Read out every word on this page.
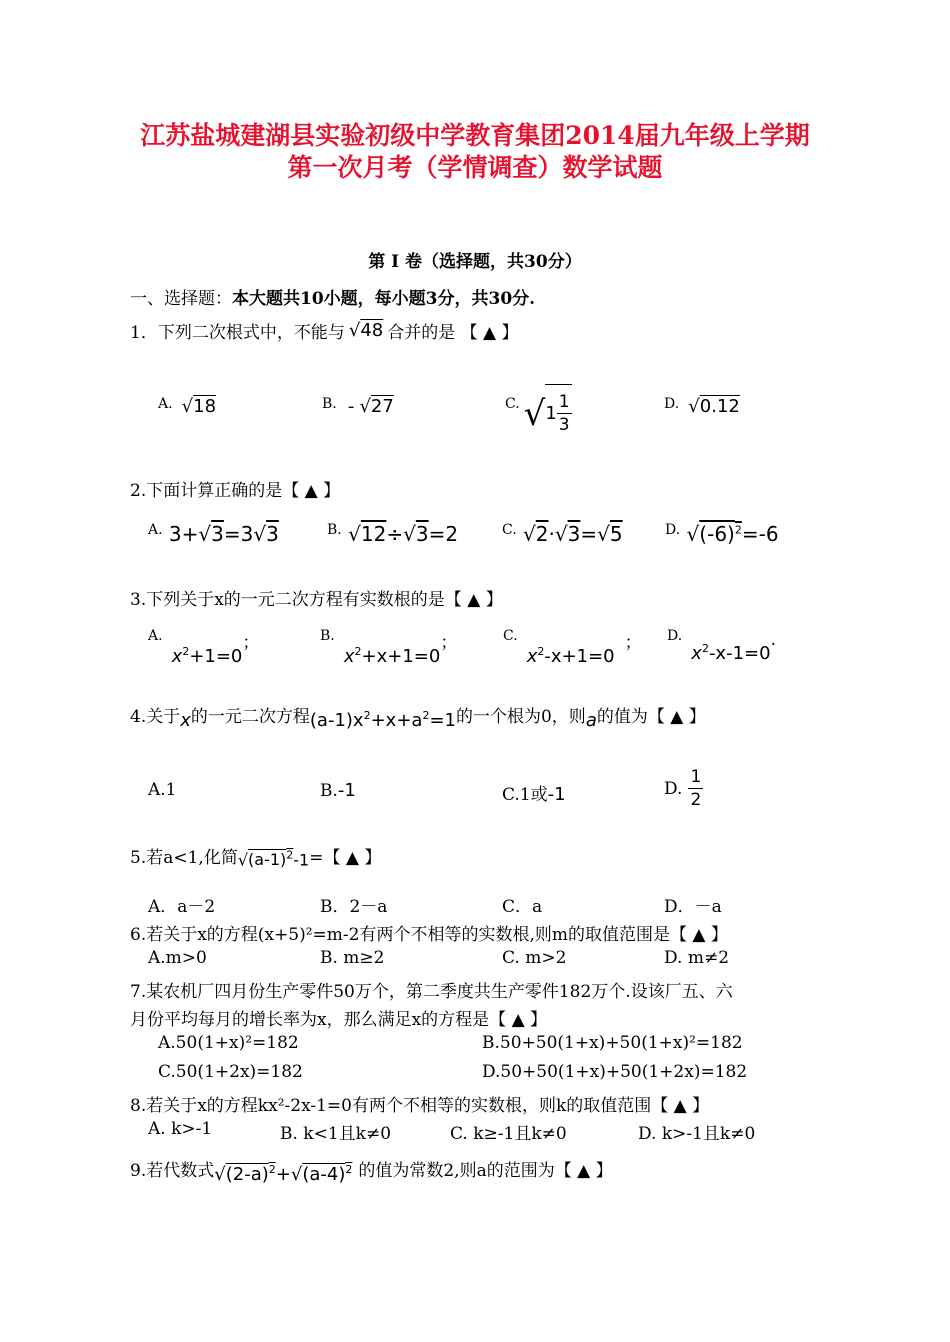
江苏盐城建湖县实验初级中学教育集团2014届九年级上学期
第一次月考（学情调查）数学试题
第 Ⅰ 卷（选择题，共30分）
一、选择题：本大题共10小题，每小题3分，共30分.
1．下列二次根式中，不能与 √48 合并的是 【 ▲ 】
A. √18	B. - √27	C. √ $1 \frac{1}{3}$	D. √0.12
2.下面计算正确的是【 ▲ 】
$^{A.}$ 3+√3=3√3	$^{B.}$ √12÷√3=2	$^{C.}$ √2·√3=√5	$^{D.}$ $√(-6)^2=-6$
3.下列关于x的一元二次方程有实数根的是【 ▲ 】
A. $x^2+1=0$；	B. $x^2+x+1=0$；	C. $x^2-x+1=0$； D. $x^2-x-1=0$.
4.关于 x 的一元二次方程 $(a-1)x^2+x+a^2=1$ 的一个根为0，则 a 的值为【 ▲ 】
A.1	B.-1	C.1或-1	D. $\frac{1}{2}$
5.若a<1,化简 $√(a-1)^2-1$ =【 ▲ 】
A．a－2	B．2－a	C．a	D．－a
6.若关于x的方程(x+5)²=m-2有两个不相等的实数根,则m的取值范围是【 ▲ 】
A.m>0	B. m≥2	C. m>2	D. m≠2
7.某农机厂四月份生产零件50万个，第二季度共生产零件182万个.设该厂五、六
月份平均每月的增长率为x，那么满足x的方程是【 ▲ 】
A.50(1+x)²=182	B.50+50(1+x)+50(1+x)²=182
C.50(1+2x)=182	D.50+50(1+x)+50(1+2x)=182
8.若关于x的方程kx²-2x-1=0有两个不相等的实数根，则k的取值范围【 ▲ 】
A. k>-1	B. k<1且k≠0	C. k≥-1且k≠0	D. k>-1且k≠0
9.若代数式 $√(2-a)^2+√(a-4)^2$ 的值为常数2,则a的范围为【 ▲ 】
